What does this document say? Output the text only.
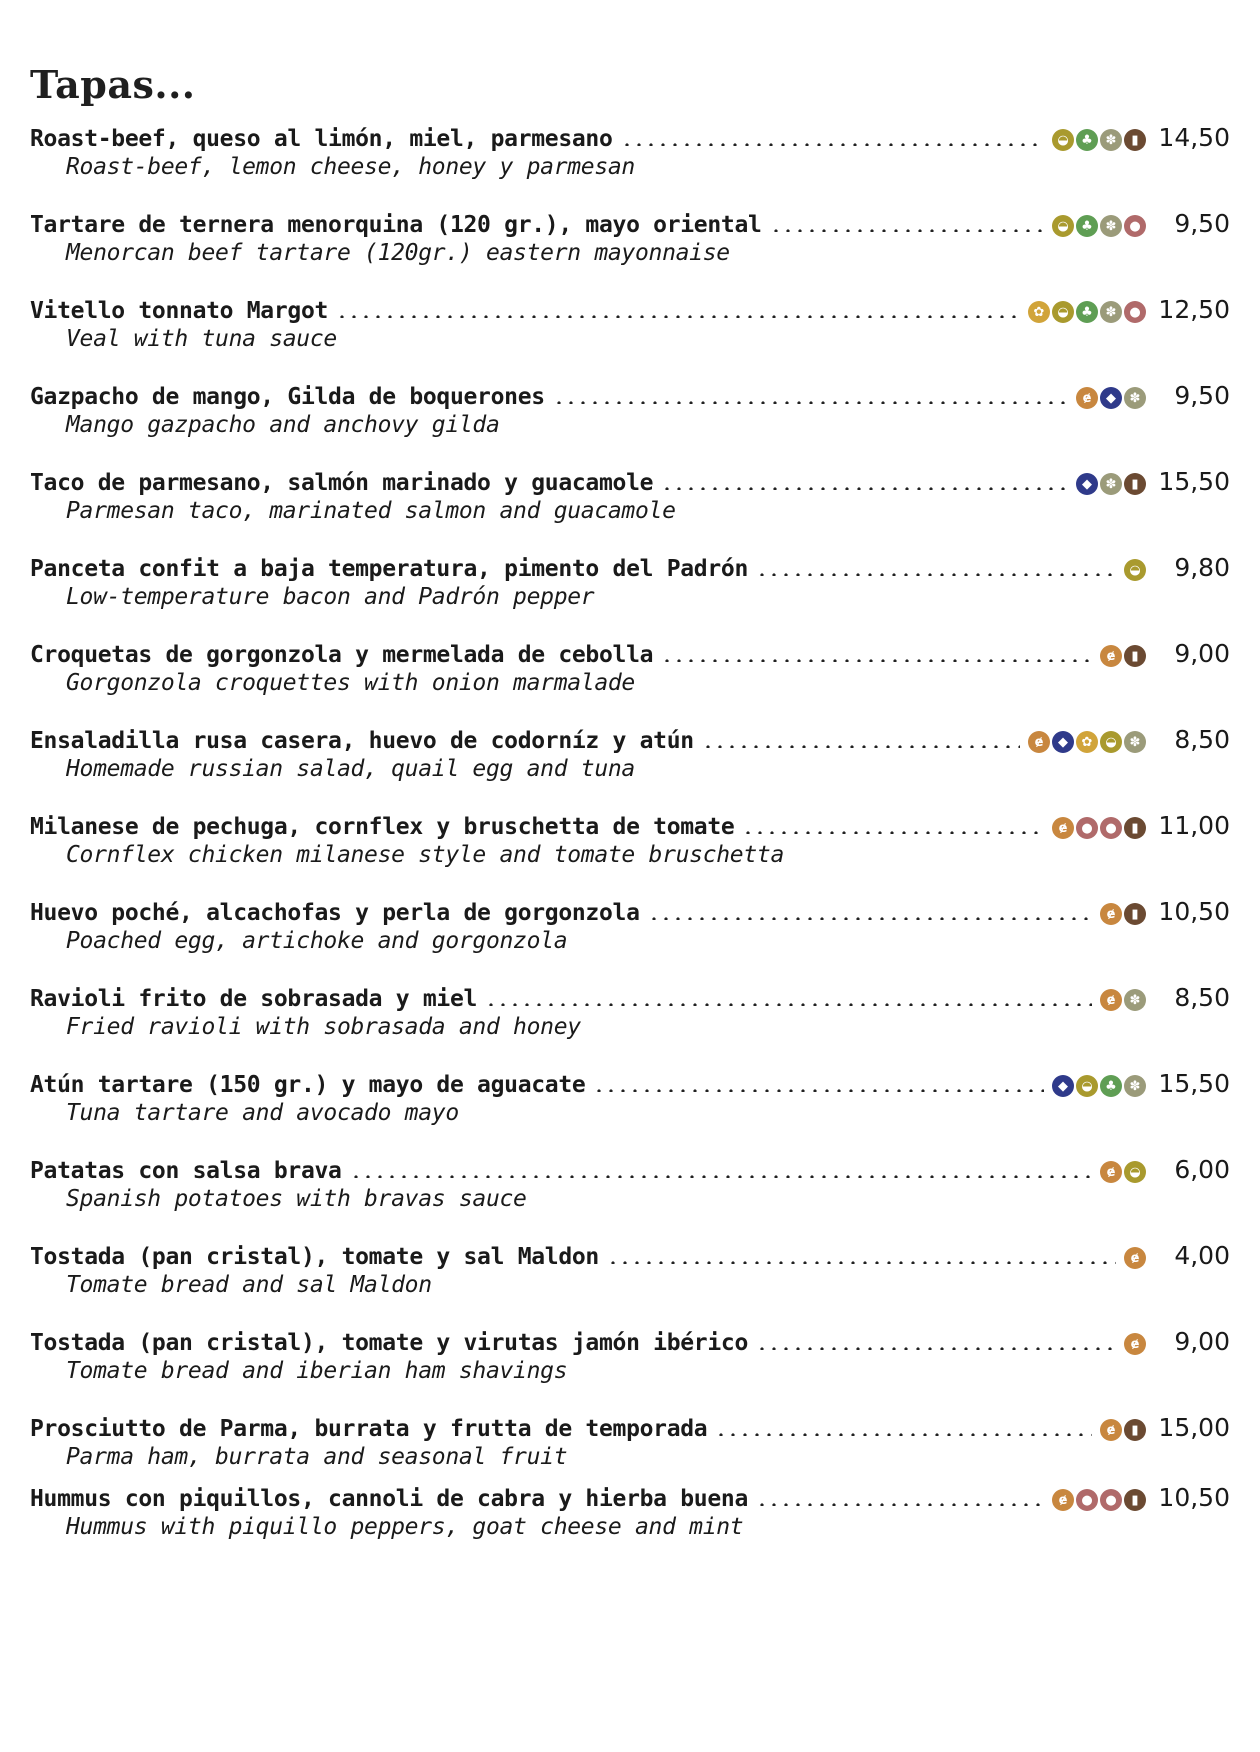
Tapas...
Roast-beef, queso al limón, miel, parmesano	◒ ♣ ✽	▮ 14,50
Roast-beef, lemon cheese, honey y parmesan
Tartare de ternera menorquina (120 gr.), mayo oriental	◒ ♣ ✽ ●	9,50
Menorcan beef tartare (120gr.) eastern mayonnaise
Vitello tonnato Margot	✿ ◒ ♣ ✽ ● 12,50
Veal with tuna sauce
Gazpacho de mango, Gilda de boquerones	ɇ	◆	✽	9,50
Mango gazpacho and anchovy gilda
Taco de parmesano, salmón marinado y guacamole	◆	✽	▮ 15,50
Parmesan taco, marinated salmon and guacamole
Panceta confit a baja temperatura, pimento del Padrón	◒	9,80
Low-temperature bacon and Padrón pepper
Croquetas de gorgonzola y mermelada de cebolla	ɇ	▮	9,00
Gorgonzola croquettes with onion marmalade
Ensaladilla rusa casera, huevo de codorníz y atún	ɇ	◆	✿ ◒ ✽	8,50
Homemade russian salad, quail egg and tuna
Milanese de pechuga, cornflex y bruschetta de tomate	ɇ	● ●	▮ 11,00
Cornflex chicken milanese style and tomate bruschetta
Huevo poché, alcachofas y perla de gorgonzola	ɇ	▮ 10,50
Poached egg, artichoke and gorgonzola
Ravioli frito de sobrasada y miel	ɇ	✽	8,50
Fried ravioli with sobrasada and honey
Atún tartare (150 gr.) y mayo de aguacate	◆	◒ ♣ ✽ 15,50
Tuna tartare and avocado mayo
Patatas con salsa brava	ɇ	◒	6,00
Spanish potatoes with bravas sauce
Tostada (pan cristal), tomate y sal Maldon	ɇ	4,00
Tomate bread and sal Maldon
Tostada (pan cristal), tomate y virutas jamón ibérico	ɇ	9,00
Tomate bread and iberian ham shavings
Prosciutto de Parma, burrata y frutta de temporada	ɇ	▮ 15,00
Parma ham, burrata and seasonal fruit
Hummus con piquillos, cannoli de cabra y hierba buena	ɇ	● ●	▮ 10,50
Hummus with piquillo peppers, goat cheese and mint
